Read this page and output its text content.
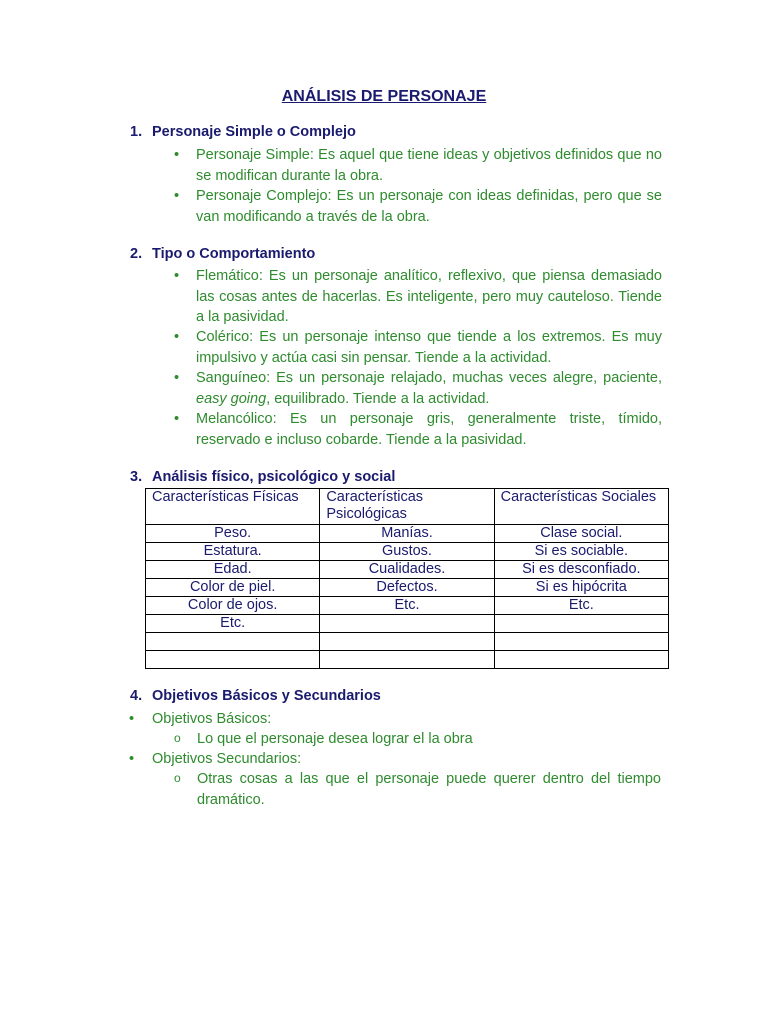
ANÁLISIS DE PERSONAJE
1. Personaje Simple o Complejo
• Personaje Simple: Es aquel que tiene ideas y objetivos definidos que no se modifican durante la obra.
• Personaje Complejo: Es un personaje con ideas definidas, pero que se van modificando a través de la obra.
2. Tipo o Comportamiento
• Flemático: Es un personaje analítico, reflexivo, que piensa demasiado las cosas antes de hacerlas. Es inteligente, pero muy cauteloso. Tiende a la pasividad.
• Colérico: Es un personaje intenso que tiende a los extremos. Es muy impulsivo y actúa casi sin pensar. Tiende a la actividad.
• Sanguíneo: Es un personaje relajado, muchas veces alegre, paciente, easy going, equilibrado. Tiende a la actividad.
• Melancólico: Es un personaje gris, generalmente triste, tímido, reservado e incluso cobarde. Tiende a la pasividad.
3. Análisis físico, psicológico y social
Características Físicas	Características Psicológicas	Características Sociales
Peso.	Manías.	Clase social.
Estatura.	Gustos.	Si es sociable.
Edad.	Cualidades.	Si es desconfiado.
Color de piel.	Defectos.	Si es hipócrita
Color de ojos.	Etc.	Etc.
Etc.		

4. Objetivos Básicos y Secundarios
• Objetivos Básicos:
o Lo que el personaje desea lograr el la obra
• Objetivos Secundarios:
o Otras cosas a las que el personaje puede querer dentro del tiempo dramático.
